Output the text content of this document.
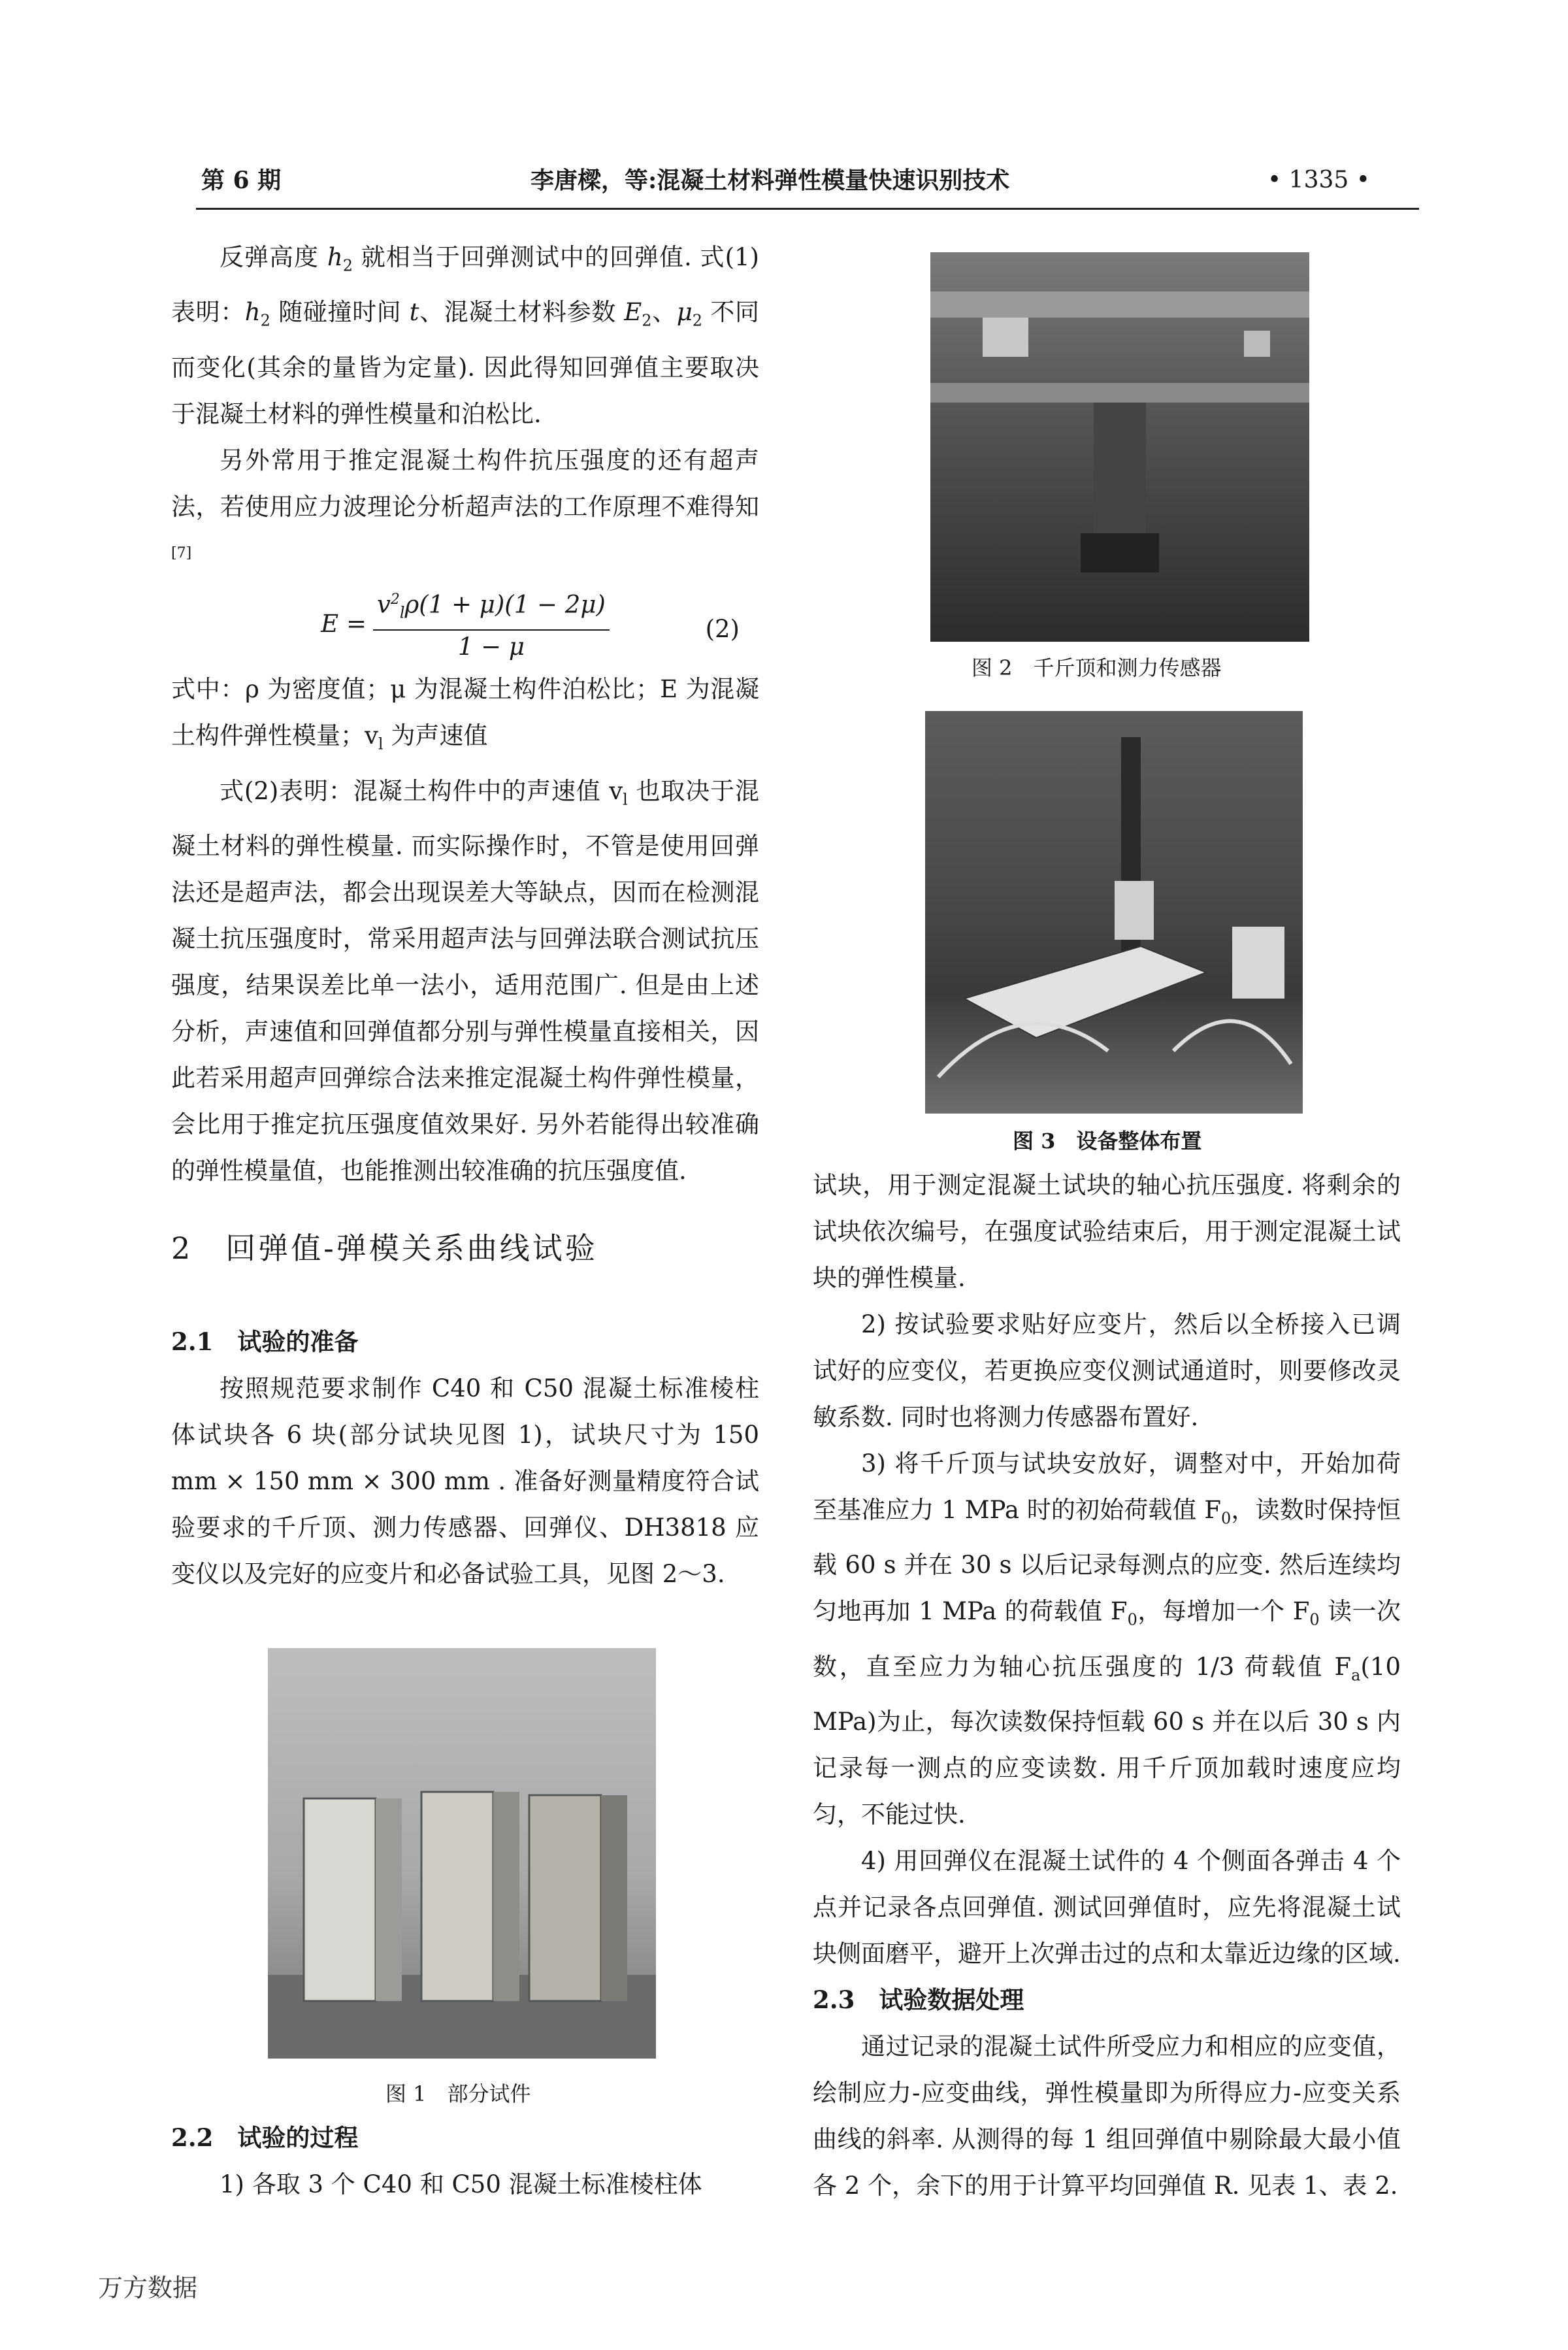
第 6 期	李唐樑，等:混凝土材料弹性模量快速识别技术	• 1335 •

反弹高度 $h_2$ 就相当于回弹测试中的回弹值. 式(1)表明：$h_2$ 随碰撞时间 t、混凝土材料参数 $E_2$、$\mu_2$ 不同而变化(其余的量皆为定量). 因此得知回弹值主要取决于混凝土材料的弹性模量和泊松比.

另外常用于推定混凝土构件抗压强度的还有超声法，若使用应力波理论分析超声法的工作原理不难得知[7]

$E = \frac{v^2_l\rho(1 + \mu)(1 - 2\mu)}{1 - \mu}$	(2)

式中：ρ 为密度值；μ 为混凝土构件泊松比；E 为混凝土构件弹性模量；$v_l$ 为声速值

式(2)表明：混凝土构件中的声速值 $v_l$ 也取决于混凝土材料的弹性模量. 而实际操作时，不管是使用回弹法还是超声法，都会出现误差大等缺点，因而在检测混凝土抗压强度时，常采用超声法与回弹法联合测试抗压强度，结果误差比单一法小，适用范围广. 但是由上述分析，声速值和回弹值都分别与弹性模量直接相关，因此若采用超声回弹综合法来推定混凝土构件弹性模量，会比用于推定抗压强度值效果好. 另外若能得出较准确的弹性模量值，也能推测出较准确的抗压强度值.

2　回弹值-弹模关系曲线试验

2.1　试验的准备

按照规范要求制作 C40 和 C50 混凝土标准棱柱体试块各 6 块(部分试块见图 1)，试块尺寸为 150 mm × 150 mm × 300 mm . 准备好测量精度符合试验要求的千斤顶、测力传感器、回弹仪、DH3818 应变仪以及完好的应变片和必备试验工具，见图 2～3.

图 1　部分试件

2.2　试验的过程

1) 各取 3 个 C40 和 C50 混凝土标准棱柱体

图 2　千斤顶和测力传感器
图 3　设备整体布置

试块，用于测定混凝土试块的轴心抗压强度. 将剩余的试块依次编号，在强度试验结束后，用于测定混凝土试块的弹性模量.

2) 按试验要求贴好应变片，然后以全桥接入已调试好的应变仪，若更换应变仪测试通道时，则要修改灵敏系数. 同时也将测力传感器布置好.

3) 将千斤顶与试块安放好，调整对中，开始加荷至基准应力 1 MPa 时的初始荷载值 $F_0$，读数时保持恒载 60 s 并在 30 s 以后记录每测点的应变. 然后连续均匀地再加 1 MPa 的荷载值 $F_0$，每增加一个 $F_0$ 读一次数，直至应力为轴心抗压强度的 1/3 荷载值 $F_a(10$ MPa)为止，每次读数保持恒载 60 s 并在以后 30 s 内记录每一测点的应变读数. 用千斤顶加载时速度应均匀，不能过快.

4) 用回弹仪在混凝土试件的 4 个侧面各弹击 4 个点并记录各点回弹值. 测试回弹值时，应先将混凝土试块侧面磨平，避开上次弹击过的点和太靠近边缘的区域.

2.3　试验数据处理

通过记录的混凝土试件所受应力和相应的应变值，绘制应力-应变曲线，弹性模量即为所得应力-应变关系曲线的斜率. 从测得的每 1 组回弹值中剔除最大最小值各 2 个，余下的用于计算平均回弹值 R. 见表 1、表 2.

万方数据
